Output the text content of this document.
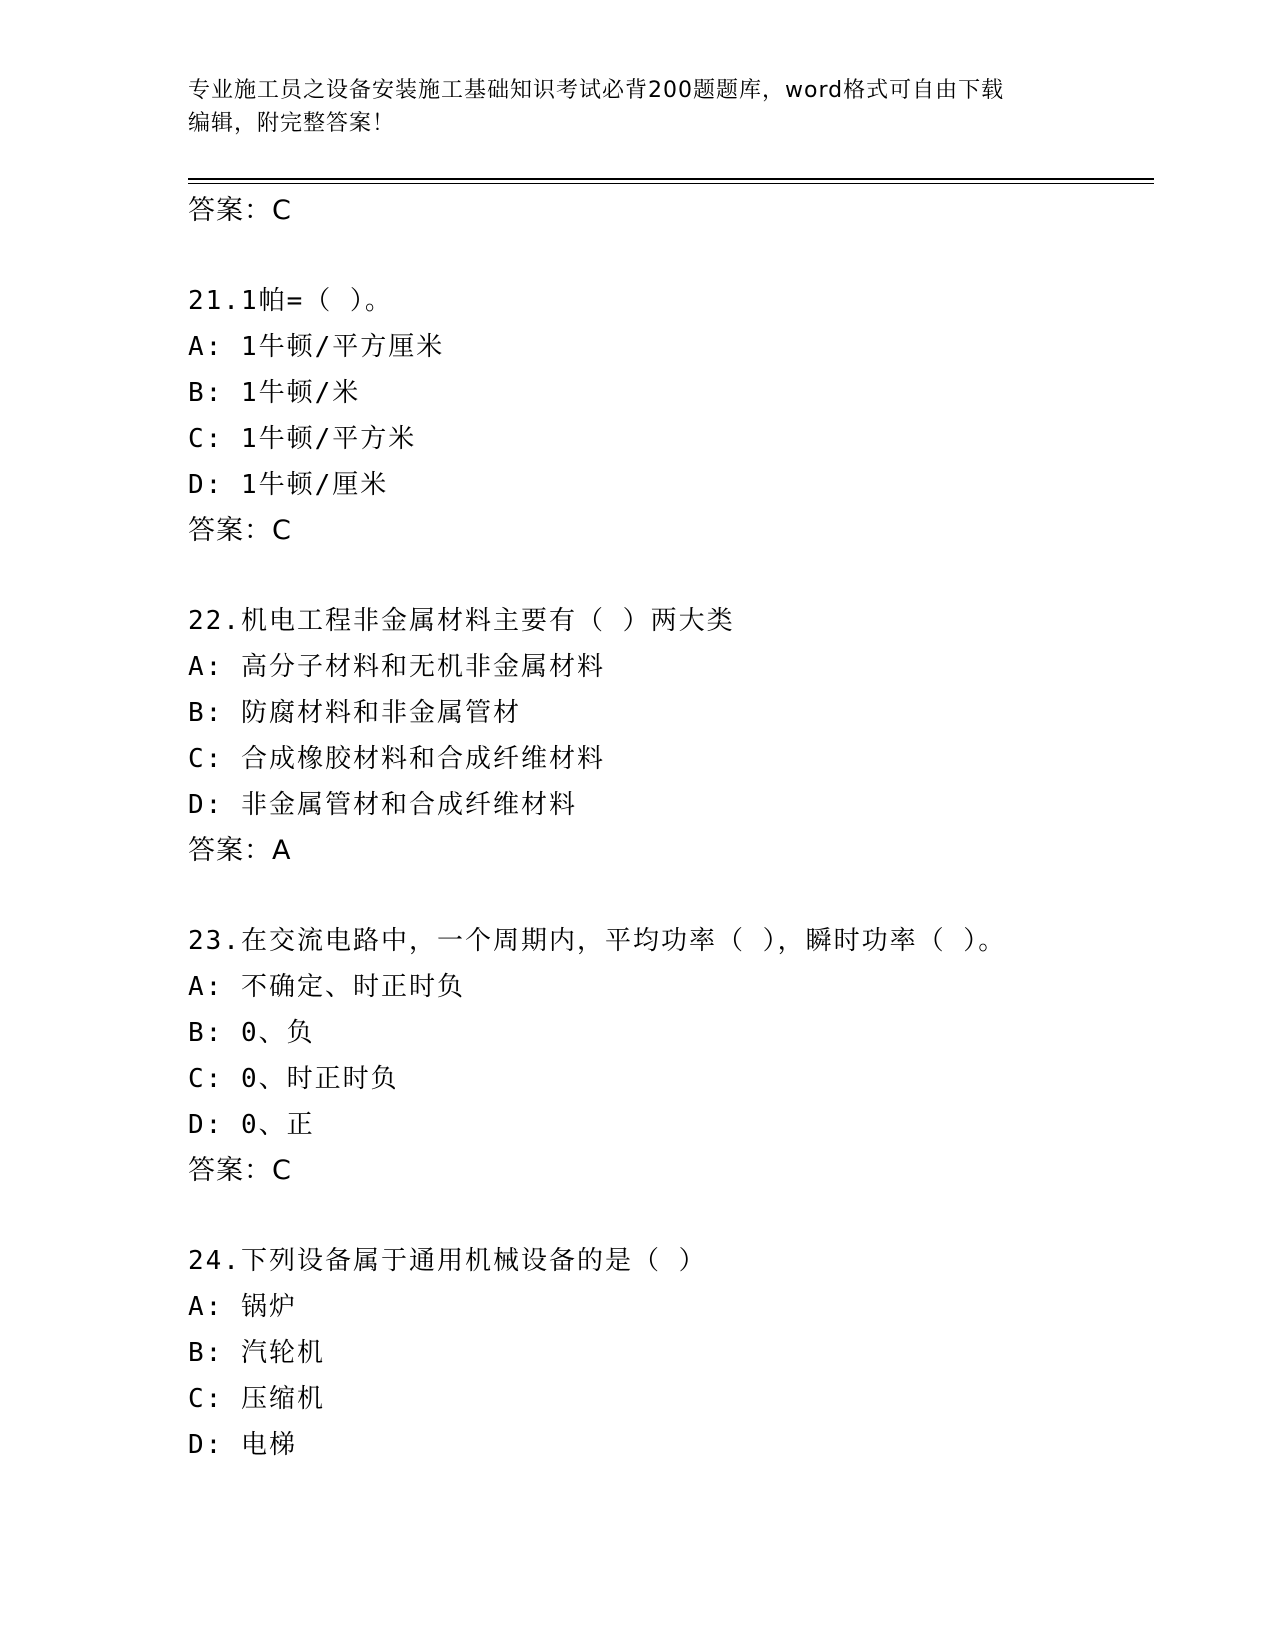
专业施工员之设备安装施工基础知识考试必背200题题库，word格式可自由下载
编辑，附完整答案！
答案：C
21.1帕=（ ）。
A: 1牛顿/平方厘米
B: 1牛顿/米
C: 1牛顿/平方米
D: 1牛顿/厘米
答案：C
22.机电工程非金属材料主要有（ ）两大类
A: 高分子材料和无机非金属材料
B: 防腐材料和非金属管材
C: 合成橡胶材料和合成纤维材料
D: 非金属管材和合成纤维材料
答案：A
23.在交流电路中，一个周期内，平均功率（ ），瞬时功率（ ）。
A: 不确定、时正时负
B: 0、负
C: 0、时正时负
D: 0、正
答案：C
24.下列设备属于通用机械设备的是（ ）
A: 锅炉
B: 汽轮机
C: 压缩机
D: 电梯
